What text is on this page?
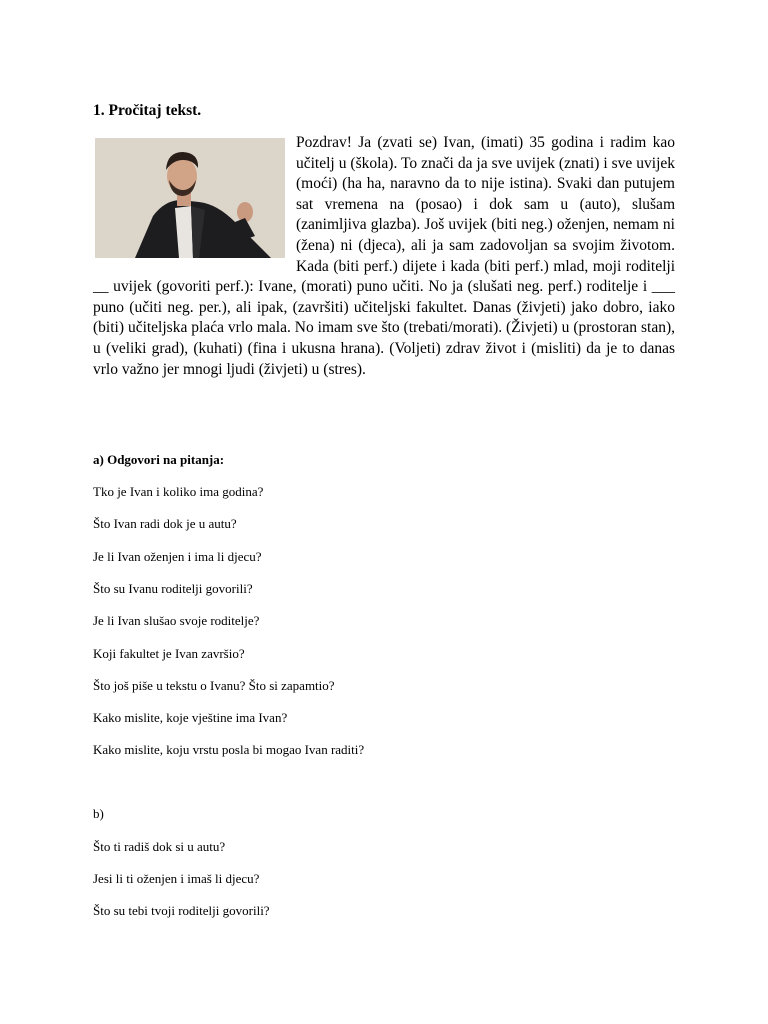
1. Pročitaj tekst.

Pozdrav! Ja (zvati se) Ivan, (imati) 35 godina i radim kao učitelj u (škola). To znači da ja sve uvijek (znati) i sve uvijek (moći) (ha ha, naravno da to nije istina). Svaki dan putujem sat vremena na (posao) i dok sam u (auto), slušam (zanimljiva glazba). Još uvijek (biti neg.) oženjen, nemam ni (žena) ni (djeca), ali ja sam zadovoljan sa svojim životom. Kada (biti perf.) dijete i kada (biti perf.) mlad, moji roditelji __ uvijek (govoriti perf.): Ivane, (morati) puno učiti. No ja (slušati neg. perf.) roditelje i ___ puno (učiti neg. per.), ali ipak, (završiti) učiteljski fakultet. Danas (živjeti) jako dobro, iako (biti) učiteljska plaća vrlo mala. No imam sve što (trebati/morati). (Živjeti) u (prostoran stan), u (veliki grad), (kuhati) (fina i ukusna hrana). (Voljeti) zdrav život i (misliti) da je to danas vrlo važno jer mnogi ljudi (živjeti) u (stres).

a) Odgovori na pitanja:
Tko je Ivan i koliko ima godina?
Što Ivan radi dok je u autu?
Je li Ivan oženjen i ima li djecu?
Što su Ivanu roditelji govorili?
Je li Ivan slušao svoje roditelje?
Koji fakultet je Ivan završio?
Što još piše u tekstu o Ivanu? Što si zapamtio?
Kako mislite, koje vještine ima Ivan?
Kako mislite, koju vrstu posla bi mogao Ivan raditi?
b)
Što ti radiš dok si u autu?
Jesi li ti oženjen i imaš li djecu?
Što su tebi tvoji roditelji govorili?
